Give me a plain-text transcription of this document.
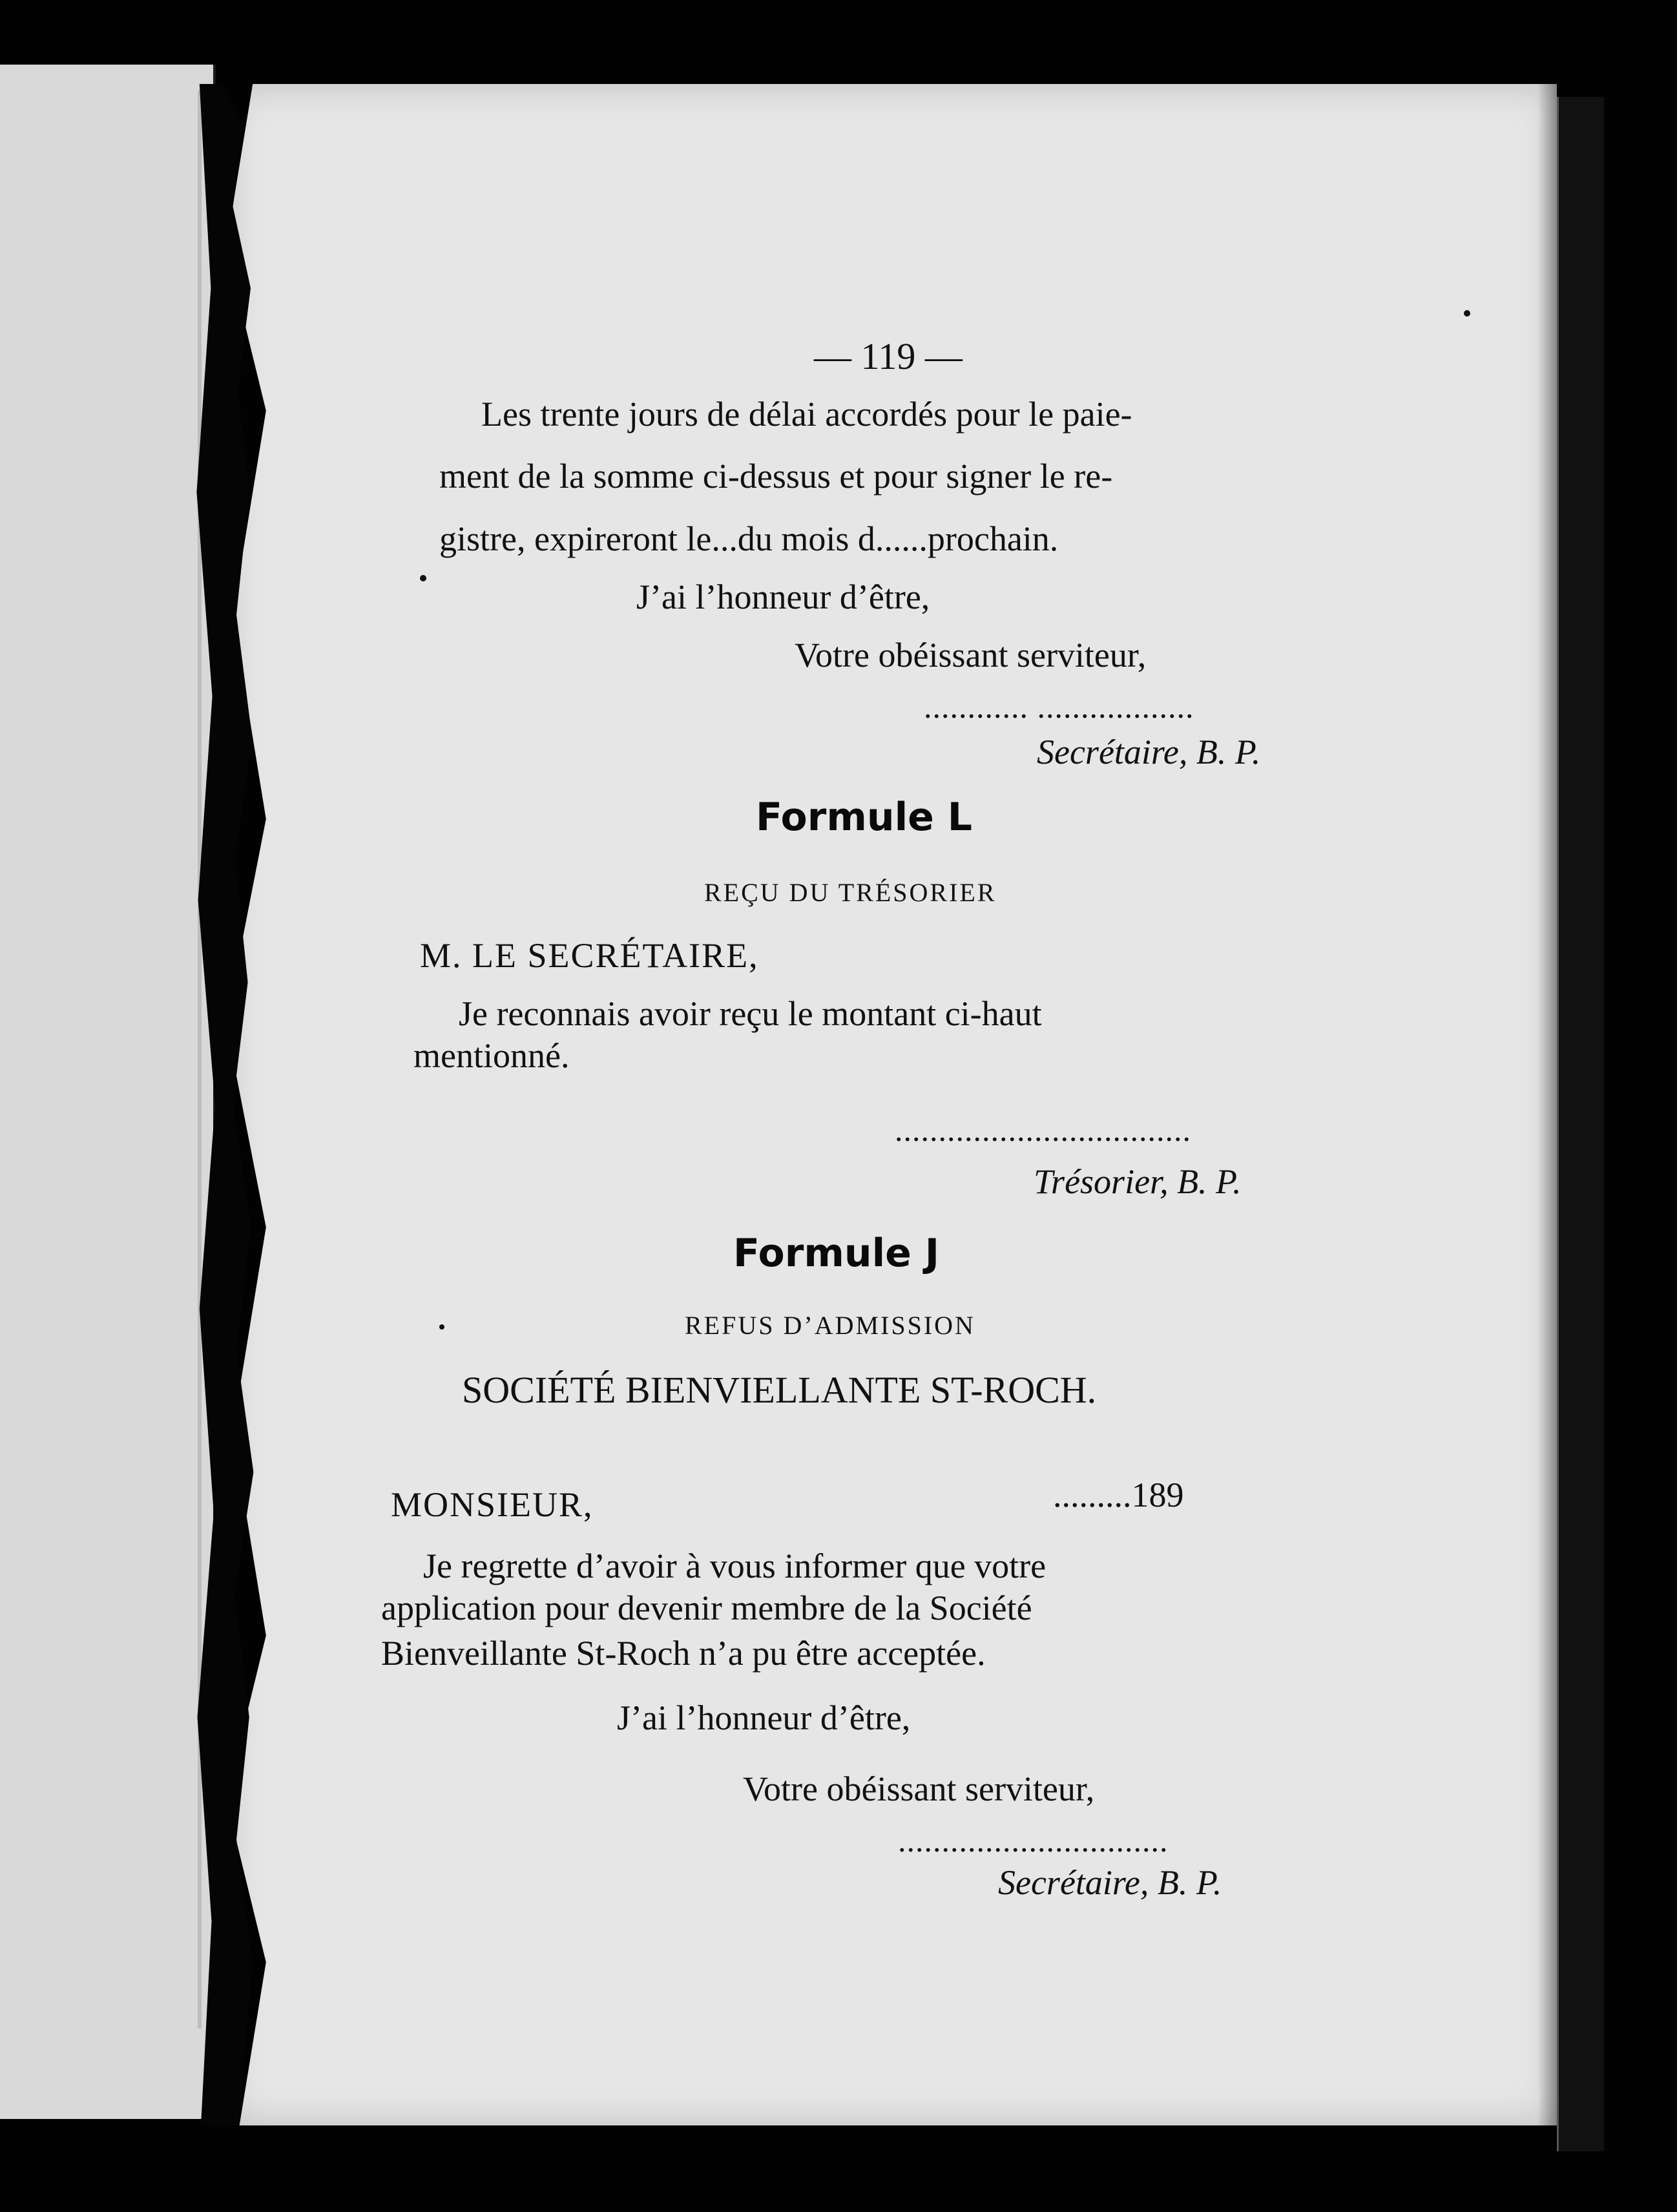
— 119 —
Les trente jours de délai accordés pour le paie-
ment de la somme ci-dessus et pour signer le re-
gistre, expireront le...du mois d......prochain.
J’ai l’honneur d’être,
Votre obéissant serviteur,
............ ..................
Secrétaire, B. P.
Formule L
REÇU DU TRÉSORIER
M. LE SECRÉTAIRE,
Je reconnais avoir reçu le montant ci-haut
mentionné.
..................................
Trésorier, B. P.
Formule J
REFUS D’ADMISSION
SOCIÉTÉ BIENVIELLANTE ST-ROCH.
MONSIEUR,	.........189
Je regrette d’avoir à vous informer que votre
application pour devenir membre de la Société
Bienveillante St-Roch n’a pu être acceptée.
J’ai l’honneur d’être,
Votre obéissant serviteur,
...............................
Secrétaire, B. P.
